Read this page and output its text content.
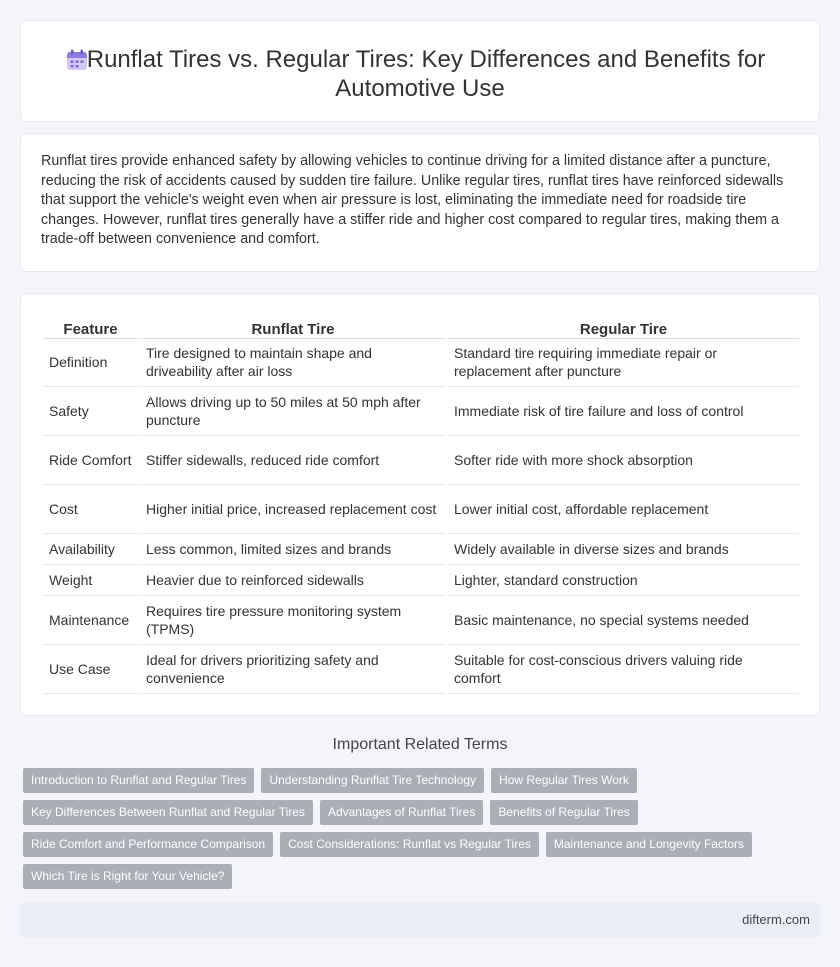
Runflat Tires vs. Regular Tires: Key Differences and Benefits for
Automotive Use

Runflat tires provide enhanced safety by allowing vehicles to continue driving for a limited distance after a puncture, reducing the risk of accidents caused by sudden tire failure. Unlike regular tires, runflat tires have reinforced sidewalls that support the vehicle's weight even when air pressure is lost, eliminating the immediate need for roadside tire changes. However, runflat tires generally have a stiffer ride and higher cost compared to regular tires, making them a trade-off between convenience and comfort.

Feature	Runflat Tire	Regular Tire
Definition	Tire designed to maintain shape and driveability after air loss	Standard tire requiring immediate repair or replacement after puncture
Safety	Allows driving up to 50 miles at 50 mph after puncture	Immediate risk of tire failure and loss of control
Ride Comfort	Stiffer sidewalls, reduced ride comfort	Softer ride with more shock absorption
Cost	Higher initial price, increased replacement cost	Lower initial cost, affordable replacement
Availability	Less common, limited sizes and brands	Widely available in diverse sizes and brands
Weight	Heavier due to reinforced sidewalls	Lighter, standard construction
Maintenance	Requires tire pressure monitoring system (TPMS)	Basic maintenance, no special systems needed
Use Case	Ideal for drivers prioritizing safety and convenience	Suitable for cost-conscious drivers valuing ride comfort
Important Related Terms
Introduction to Runflat and Regular Tires	Understanding Runflat Tire Technology	How Regular Tires Work
Key Differences Between Runflat and Regular Tires	Advantages of Runflat Tires	Benefits of Regular Tires
Ride Comfort and Performance Comparison	Cost Considerations: Runflat vs Regular Tires	Maintenance and Longevity Factors
Which Tire is Right for Your Vehicle?
difterm.com
